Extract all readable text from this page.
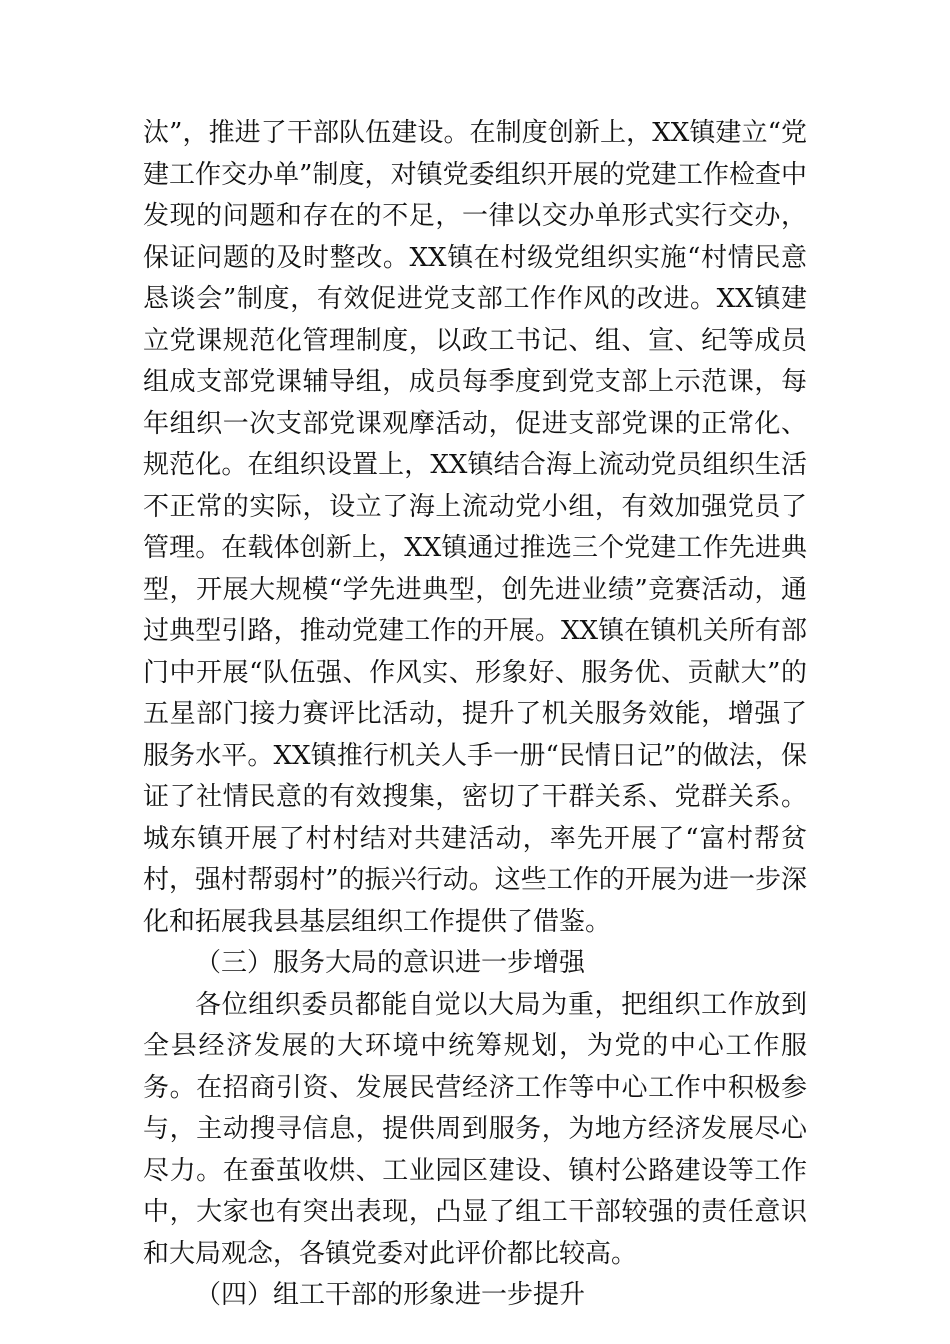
汰”，推进了干部队伍建设。在制度创新上，XX镇建立“党建工作交办单”制度，对镇党委组织开展的党建工作检查中发现的问题和存在的不足，一律以交办单形式实行交办，保证问题的及时整改。XX镇在村级党组织实施“村情民意恳谈会”制度，有效促进党支部工作作风的改进。XX镇建立党课规范化管理制度，以政工书记、组、宣、纪等成员组成支部党课辅导组，成员每季度到党支部上示范课，每年组织一次支部党课观摩活动，促进支部党课的正常化、规范化。在组织设置上，XX镇结合海上流动党员组织生活不正常的实际，设立了海上流动党小组，有效加强党员了管理。在载体创新上，XX镇通过推选三个党建工作先进典型，开展大规模“学先进典型，创先进业绩”竞赛活动，通过典型引路，推动党建工作的开展。XX镇在镇机关所有部门中开展“队伍强、作风实、形象好、服务优、贡献大”的五星部门接力赛评比活动，提升了机关服务效能，增强了服务水平。XX镇推行机关人手一册“民情日记”的做法，保证了社情民意的有效搜集，密切了干群关系、党群关系。城东镇开展了村村结对共建活动，率先开展了“富村帮贫村，强村帮弱村”的振兴行动。这些工作的开展为进一步深化和拓展我县基层组织工作提供了借鉴。

（三）服务大局的意识进一步增强

各位组织委员都能自觉以大局为重，把组织工作放到全县经济发展的大环境中统筹规划，为党的中心工作服务。在招商引资、发展民营经济工作等中心工作中积极参与，主动搜寻信息，提供周到服务，为地方经济发展尽心尽力。在蚕茧收烘、工业园区建设、镇村公路建设等工作中，大家也有突出表现，凸显了组工干部较强的责任意识和大局观念，各镇党委对此评价都比较高。

（四）组工干部的形象进一步提升
